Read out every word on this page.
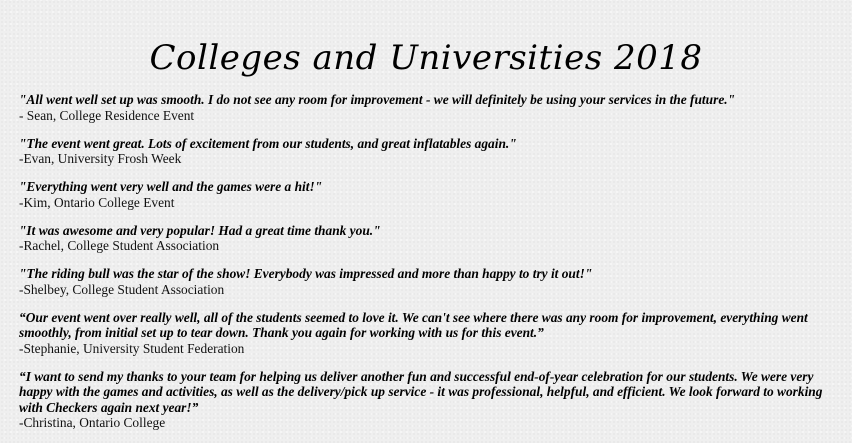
Colleges and Universities 2018
"All went well set up was smooth. I do not see any room for improvement - we will definitely be using your services in the future."
- Sean, College Residence Event
"The event went great. Lots of excitement from our students, and great inflatables again."
-Evan, University Frosh Week
"Everything went very well and the games were a hit!"
-Kim, Ontario College Event
"It was awesome and very popular! Had a great time thank you."
-Rachel, College Student Association
"The riding bull was the star of the show! Everybody was impressed and more than happy to try it out!"
-Shelbey, College Student Association
“Our event went over really well, all of the students seemed to love it. We can't see where there was any room for improvement, everything went smoothly, from initial set up to tear down. Thank you again for working with us for this event.”
-Stephanie, University Student Federation
“I want to send my thanks to your team for helping us deliver another fun and successful end-of-year celebration for our students. We were very happy with the games and activities, as well as the delivery/pick up service - it was professional, helpful, and efficient. We look forward to working with Checkers again next year!”
-Christina, Ontario College
